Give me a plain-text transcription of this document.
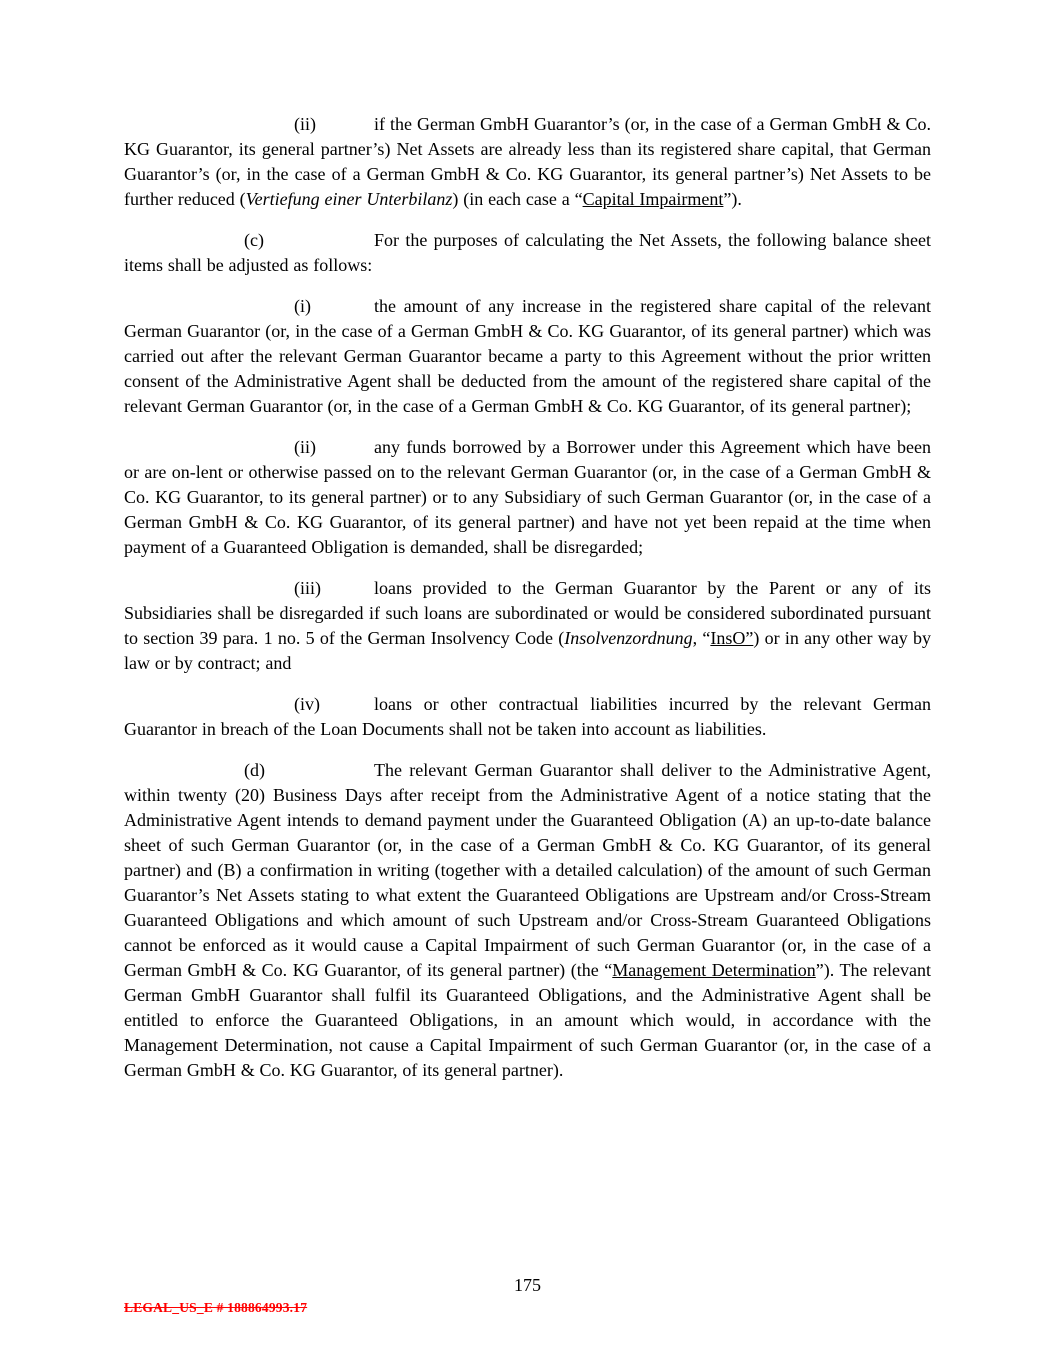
(ii)	if the German GmbH Guarantor’s (or, in the case of a German GmbH & Co. KG Guarantor, its general partner’s) Net Assets are already less than its registered share capital, that German Guarantor’s (or, in the case of a German GmbH & Co. KG Guarantor, its general partner’s) Net Assets to be further reduced (Vertiefung einer Unterbilanz) (in each case a “Capital Impairment”).

(c)	For the purposes of calculating the Net Assets, the following balance sheet items shall be adjusted as follows:

(i)	the amount of any increase in the registered share capital of the relevant German Guarantor (or, in the case of a German GmbH & Co. KG Guarantor, of its general partner) which was carried out after the relevant German Guarantor became a party to this Agreement without the prior written consent of the Administrative Agent shall be deducted from the amount of the registered share capital of the relevant German Guarantor (or, in the case of a German GmbH & Co. KG Guarantor, of its general partner);

(ii)	any funds borrowed by a Borrower under this Agreement which have been or are on-lent or otherwise passed on to the relevant German Guarantor (or, in the case of a German GmbH & Co. KG Guarantor, to its general partner) or to any Subsidiary of such German Guarantor (or, in the case of a German GmbH & Co. KG Guarantor, of its general partner) and have not yet been repaid at the time when payment of a Guaranteed Obligation is demanded, shall be disregarded;

(iii)	loans provided to the German Guarantor by the Parent or any of its Subsidiaries shall be disregarded if such loans are subordinated or would be considered subordinated pursuant to section 39 para. 1 no. 5 of the German Insolvency Code (Insolvenzordnung, “InsO”) or in any other way by law or by contract; and

(iv)	loans or other contractual liabilities incurred by the relevant German Guarantor in breach of the Loan Documents shall not be taken into account as liabilities.

(d)	The relevant German Guarantor shall deliver to the Administrative Agent, within twenty (20) Business Days after receipt from the Administrative Agent of a notice stating that the Administrative Agent intends to demand payment under the Guaranteed Obligation (A) an up-to-date balance sheet of such German Guarantor (or, in the case of a German GmbH & Co. KG Guarantor, of its general partner) and (B) a confirmation in writing (together with a detailed calculation) of the amount of such German Guarantor’s Net Assets stating to what extent the Guaranteed Obligations are Upstream and/or Cross-Stream Guaranteed Obligations and which amount of such Upstream and/or Cross-Stream Guaranteed Obligations cannot be enforced as it would cause a Capital Impairment of such German Guarantor (or, in the case of a German GmbH & Co. KG Guarantor, of its general partner) (the “Management Determination”). The relevant German GmbH Guarantor shall fulfil its Guaranteed Obligations, and the Administrative Agent shall be entitled to enforce the Guaranteed Obligations, in an amount which would, in accordance with the Management Determination, not cause a Capital Impairment of such German Guarantor (or, in the case of a German GmbH & Co. KG Guarantor, of its general partner).

175
LEGAL_US_E # 188864993.17
